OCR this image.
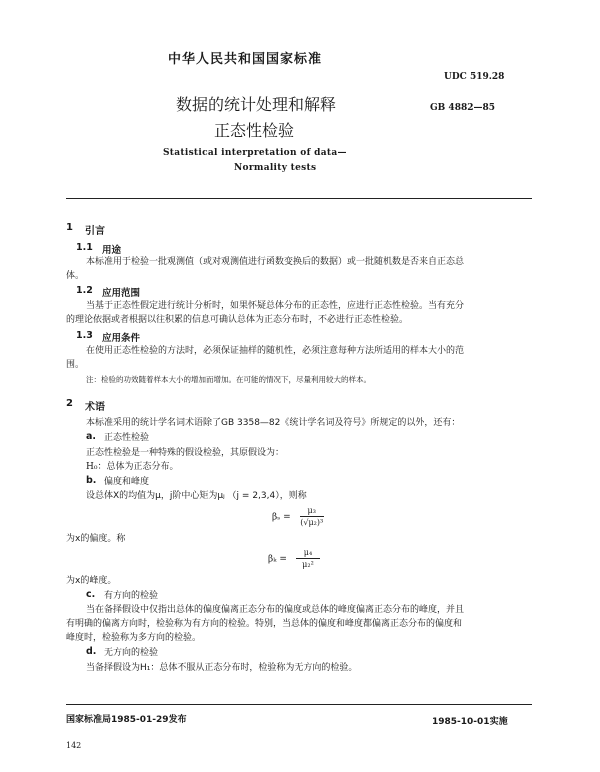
中华人民共和国国家标准
UDC 519.28
GB 4882—85
数据的统计处理和解释
正态性检验
Statistical interpretation of data—
Normality tests
1 引言
1.1 用途
本标准用于检验一批观测值（或对观测值进行函数变换后的数据）或一批随机数是否来自正态总
体。
1.2 应用范围
当基于正态性假定进行统计分析时，如果怀疑总体分布的正态性，应进行正态性检验。当有充分
的理论依据或者根据以往积累的信息可确认总体为正态分布时，不必进行正态性检验。
1.3 应用条件
在使用正态性检验的方法时，必须保证抽样的随机性，必须注意每种方法所适用的样本大小的范
围。
注：检验的功效随着样本大小的增加而增加。在可能的情况下，尽量利用较大的样本。
2 术语
本标准采用的统计学名词术语除了GB 3358—82《统计学名词及符号》所规定的以外，还有：
a. 正态性检验
正态性检验是一种特殊的假设检验，其原假设为：
H₀：总体为正态分布。
b. 偏度和峰度
设总体X的均值为μ，j阶中心矩为μⱼ （j = 2,3,4），则称
$\beta_s = \frac{\text{μ₃}}{\text{(√μ₂)³}}$
为x的偏度。称
$\beta_k = \frac{\text{μ₄}}{\text{μ₂²}}$
为x的峰度。
c. 有方向的检验
当在备择假设中仅指出总体的偏度偏离正态分布的偏度或总体的峰度偏离正态分布的峰度，并且
有明确的偏离方向时，检验称为有方向的检验。特别，当总体的偏度和峰度都偏离正态分布的偏度和
峰度时，检验称为多方向的检验。
d. 无方向的检验
当备择假设为H₁：总体不服从正态分布时，检验称为无方向的检验。
国家标准局1985-01-29发布	1985-10-01实施
142
